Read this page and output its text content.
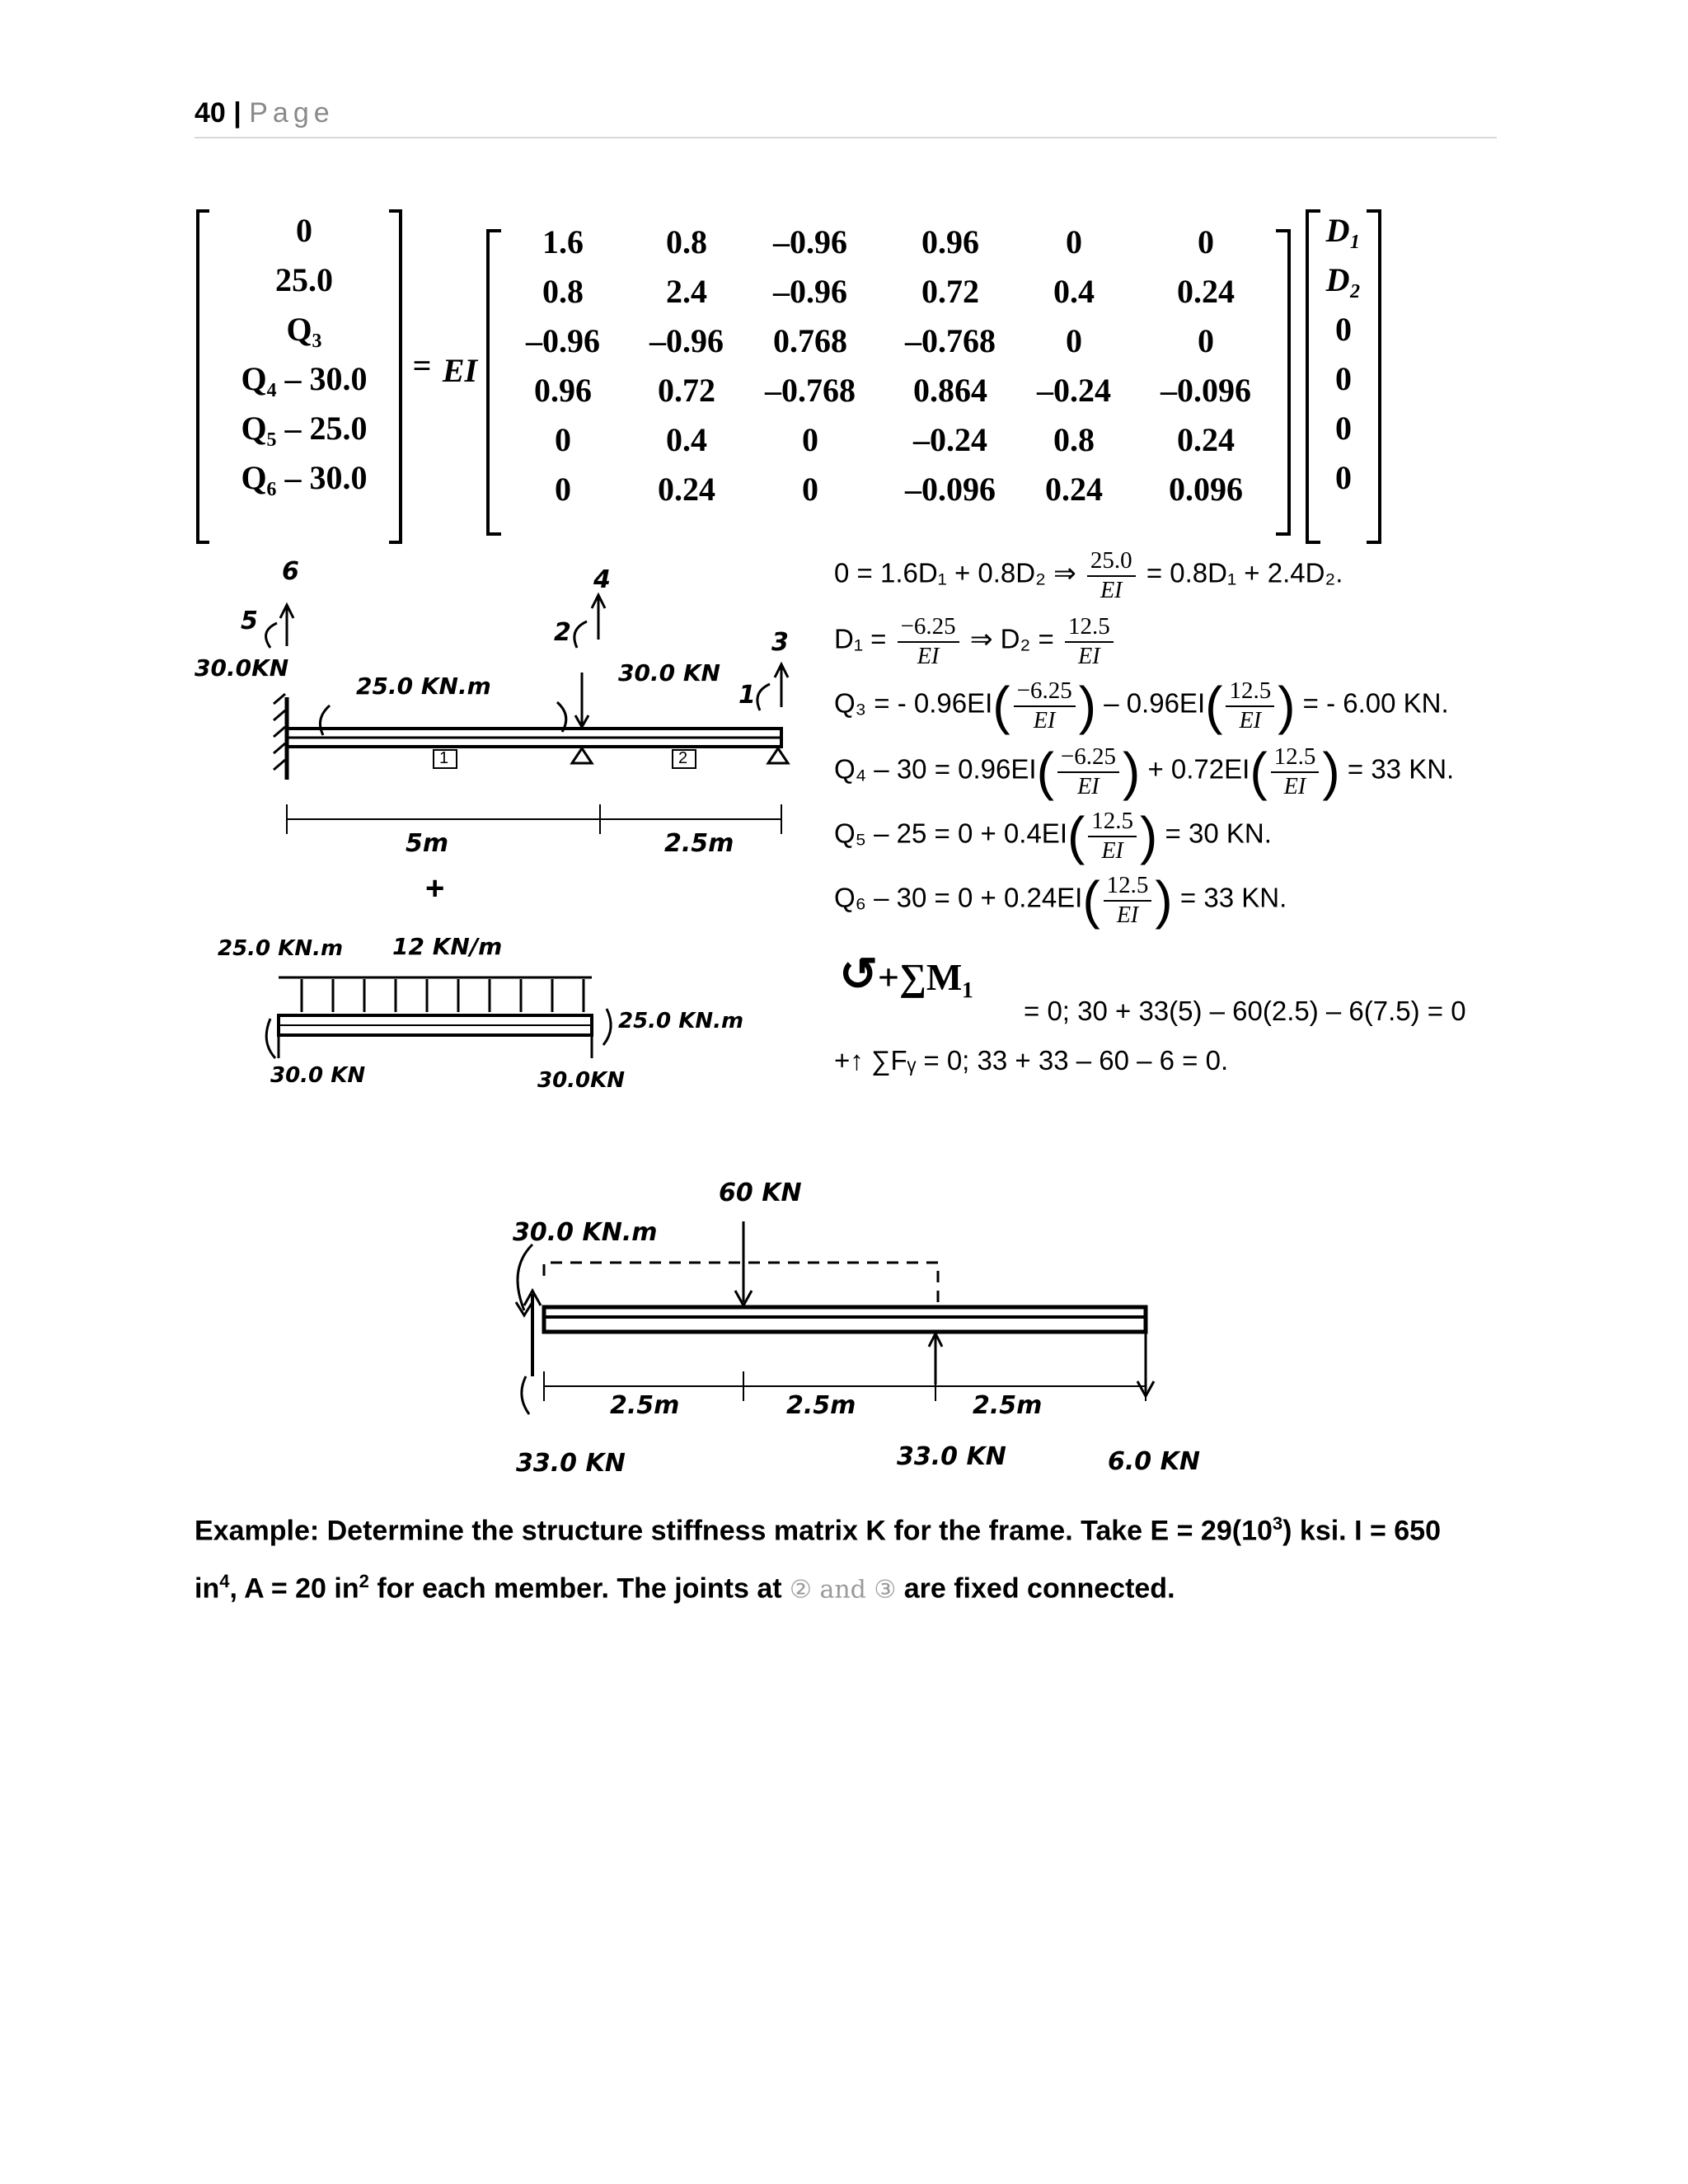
40 | Page
0
25.0
Q₃
Q₄ – 30.0
Q₅ – 25.0
Q₆ – 30.0
= EI
1.6	0.8	–0.96	0.96	0	0
0.8	2.4	–0.96	0.72	0.4	0.24
–0.96	–0.96	0.768	–0.768	0	0
0.96	0.72	–0.768	0.864	–0.24	–0.096
0	0.4	0	–0.24	0.8	0.24
0	0.24	0	–0.096	0.24	0.096
D₁
D₂
0
0
0
0
6
5
4
2	3
1
30.0KN
25.0 KN.m	30.0 KN
1	2
5m	2.5m
+
25.0 KN.m 12 KN/m
25.0 KN.m
30.0 KN	30.0KN
0 = 1.6D₁ + 0.8D₂ ⇒ $\frac{25.0}{EI} = 0.8D_1 + 2.4D_2$.
$D_1 = \frac{-6.25}{EI}$ ⇒ $D_2 = \frac{12.5}{EI}$
Q₃ = - $0.96EI( \frac{-6.25}{EI}$ ) – $0.96EI( \frac{12.5}{EI}$ ) = - 6.00 KN.
$Q_4 - 30 = 0.96EI( \frac{-6.25}{EI}$ ) + $0.72EI( \frac{12.5}{EI}$ ) = 33 KN.
$Q_5 - 25 = 0 + 0.4EI( \frac{12.5}{EI}$ ) = 30 KN.
$Q_6 - 30 = 0 + 0.24EI( \frac{12.5}{EI}$ ) = 33 KN.
↺+∑M₁
= 0; 30 + 33(5) – 60(2.5) – 6(7.5) = 0
+↑ ∑Fᵧ = 0; 33 + 33 – 60 – 6 = 0.
60 KN
30.0 KN.m
2.5m	2.5m	2.5m
33.0 KN	33.0 KN	6.0 KN
Example: Determine the structure stiffness matrix K for the frame. Take $E = 29(10^3)$ ksi. I = 650
$in^4$, A = 20 $in^2$ for each member. The joints at ② and ③ are fixed connected.
